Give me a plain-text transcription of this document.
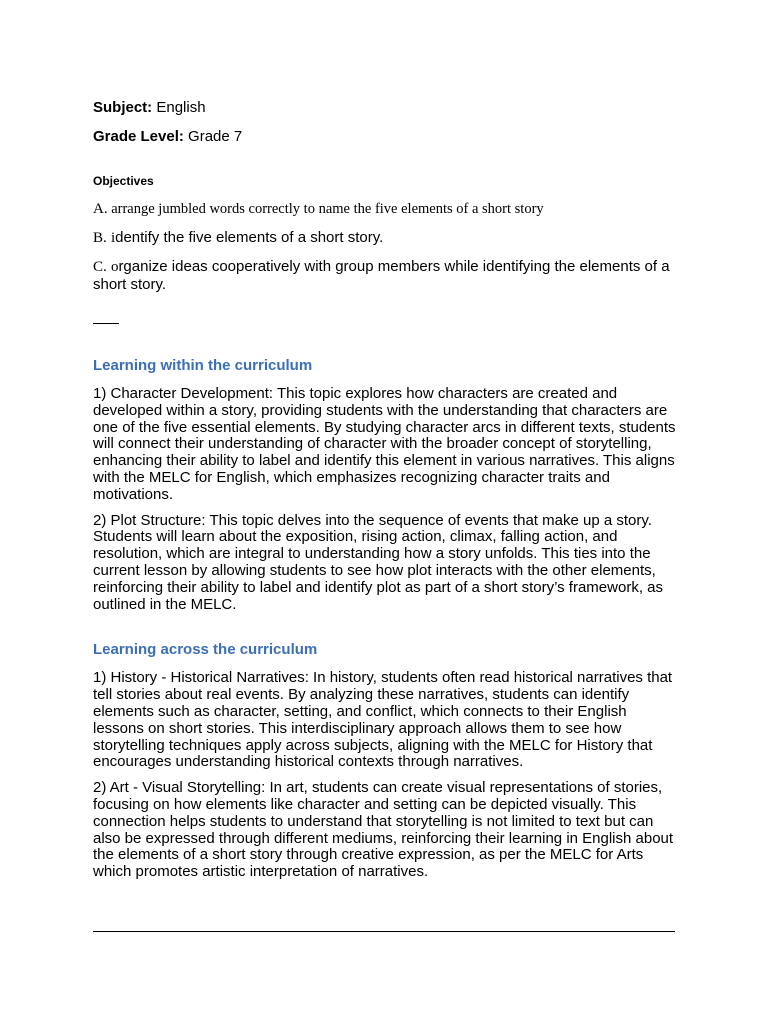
Subject: English

Grade Level: Grade 7

Objectives

A. arrange jumbled words correctly to name the five elements of a short story

B. identify the five elements of a short story.

C. organize ideas cooperatively with group members while identifying the elements of a short story.

Learning within the curriculum

1) Character Development: This topic explores how characters are created and developed within a story, providing students with the understanding that characters are one of the five essential elements. By studying character arcs in different texts, students will connect their understanding of character with the broader concept of storytelling, enhancing their ability to label and identify this element in various narratives. This aligns with the MELC for English, which emphasizes recognizing character traits and motivations.

2) Plot Structure: This topic delves into the sequence of events that make up a story. Students will learn about the exposition, rising action, climax, falling action, and resolution, which are integral to understanding how a story unfolds. This ties into the current lesson by allowing students to see how plot interacts with the other elements, reinforcing their ability to label and identify plot as part of a short story’s framework, as outlined in the MELC.

Learning across the curriculum

1) History - Historical Narratives: In history, students often read historical narratives that tell stories about real events. By analyzing these narratives, students can identify elements such as character, setting, and conflict, which connects to their English lessons on short stories. This interdisciplinary approach allows them to see how storytelling techniques apply across subjects, aligning with the MELC for History that encourages understanding historical contexts through narratives.

2) Art - Visual Storytelling: In art, students can create visual representations of stories, focusing on how elements like character and setting can be depicted visually. This connection helps students to understand that storytelling is not limited to text but can also be expressed through different mediums, reinforcing their learning in English about the elements of a short story through creative expression, as per the MELC for Arts which promotes artistic interpretation of narratives.
